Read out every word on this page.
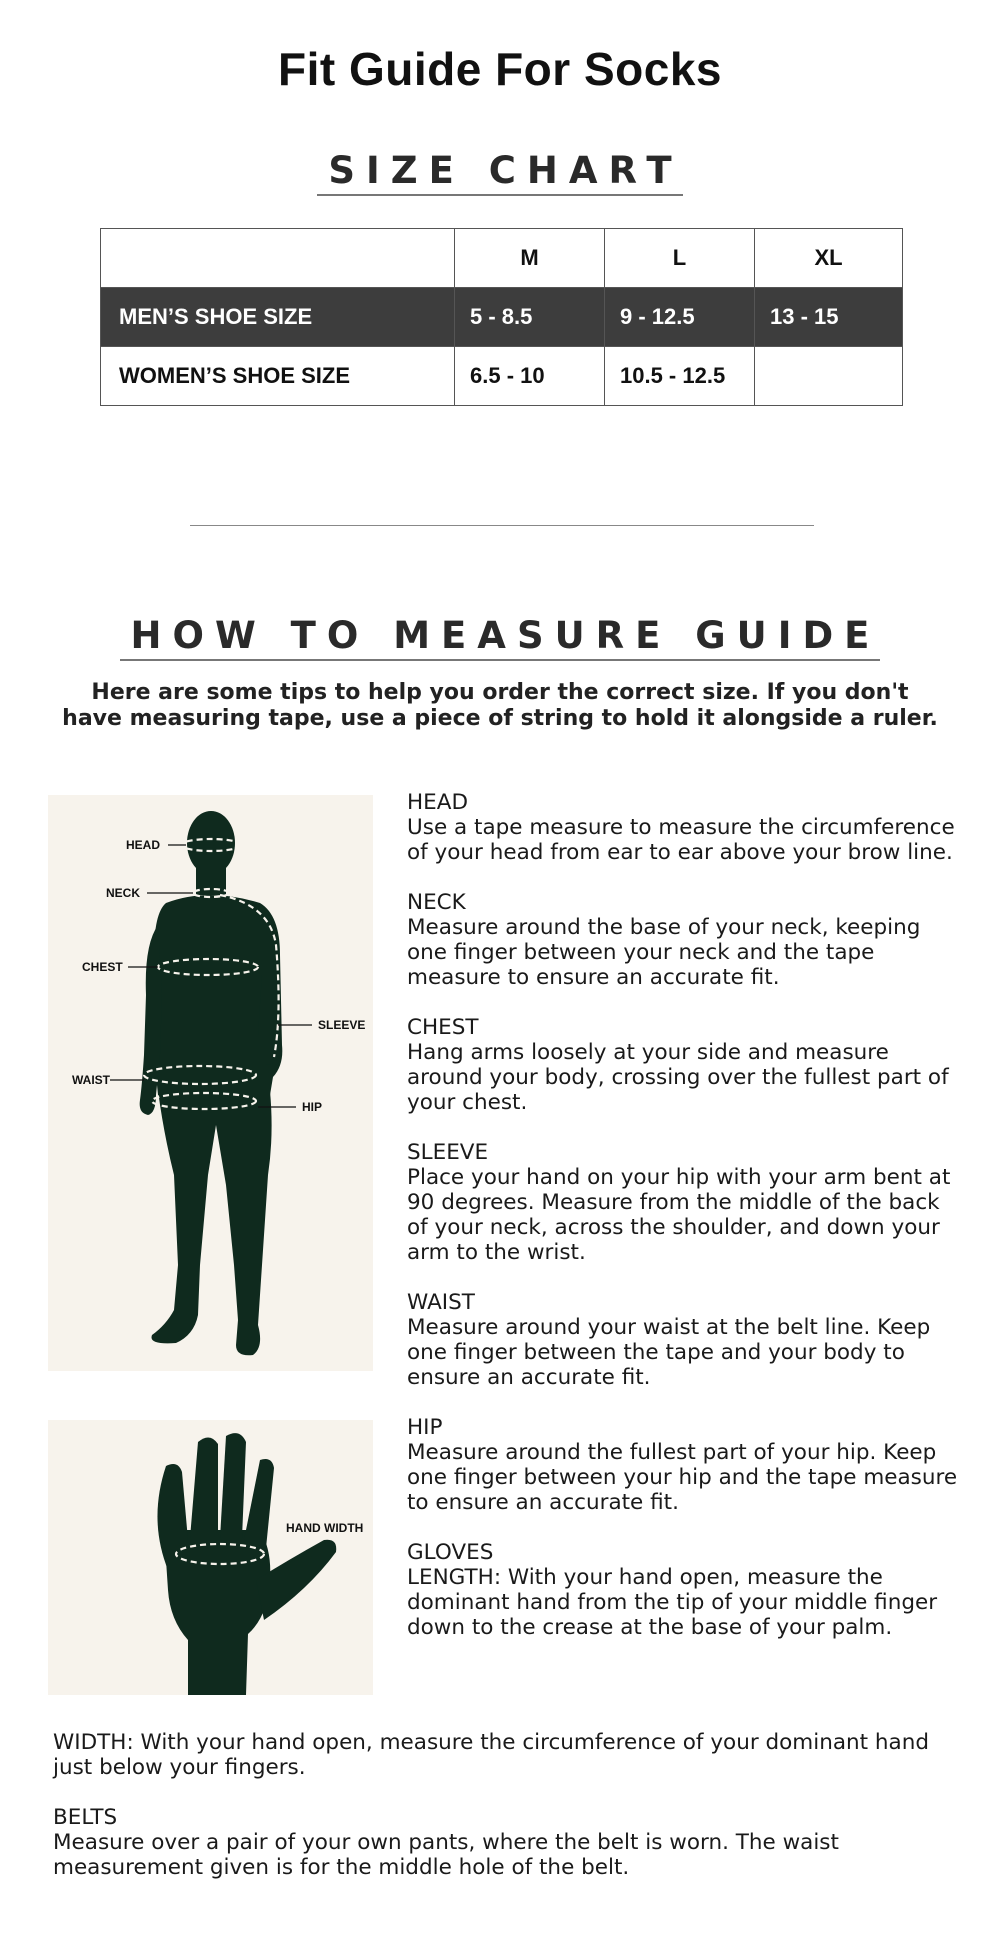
Fit Guide For Socks
SIZE CHART
	M	L	XL
MEN’S SHOE SIZE	5 - 8.5	9 - 12.5	13 - 15
WOMEN’S SHOE SIZE	6.5 - 10	10.5 - 12.5	
HOW TO MEASURE GUIDE
Here are some tips to help you order the correct size. If you don't have measuring tape, use a piece of string to hold it alongside a ruler.
HEAD
NECK
CHEST
SLEEVE
WAIST
HIP
HAND WIDTH
HEAD
Use a tape measure to measure the circumference of your head from ear to ear above your brow line.
NECK
Measure around the base of your neck, keeping one finger between your neck and the tape measure to ensure an accurate fit.
CHEST
Hang arms loosely at your side and measure around your body, crossing over the fullest part of your chest.
SLEEVE
Place your hand on your hip with your arm bent at 90 degrees. Measure from the middle of the back of your neck, across the shoulder, and down your arm to the wrist.
WAIST
Measure around your waist at the belt line. Keep one finger between the tape and your body to ensure an accurate fit.
HIP
Measure around the fullest part of your hip. Keep one finger between your hip and the tape measure to ensure an accurate fit.
GLOVES
LENGTH: With your hand open, measure the dominant hand from the tip of your middle finger down to the crease at the base of your palm.
WIDTH: With your hand open, measure the circumference of your dominant hand just below your fingers.
BELTS
Measure over a pair of your own pants, where the belt is worn. The waist measurement given is for the middle hole of the belt.
